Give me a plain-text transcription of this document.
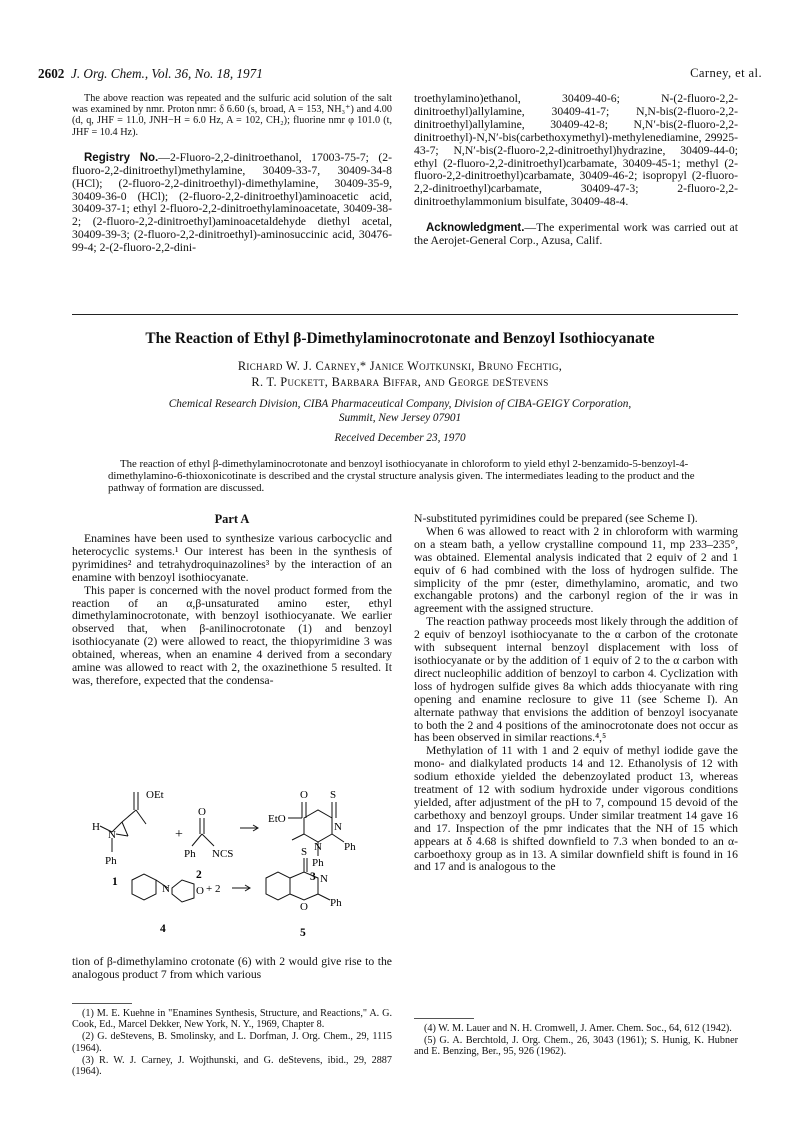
2602 J. Org. Chem., Vol. 36, No. 18, 1971	Carney, et al.

The above reaction was repeated and the sulfuric acid solution of the salt was examined by nmr. Proton nmr: δ 6.60 (s, broad, A = 153, NH₃⁺) and 4.00 (d, q, JHF = 11.0, JNH−H = 6.0 Hz, A = 102, CH₂); fluorine nmr φ 101.0 (t, JHF = 10.4 Hz).

Registry No.—2-Fluoro-2,2-dinitroethanol, 17003-75-7; (2-fluoro-2,2-dinitroethyl)methylamine, 30409-33-7, 30409-34-8 (HCl); (2-fluoro-2,2-dinitroethyl)-dimethylamine, 30409-35-9, 30409-36-0 (HCl); (2-fluoro-2,2-dinitroethyl)aminoacetic acid, 30409-37-1; ethyl 2-fluoro-2,2-dinitroethylaminoacetate, 30409-38-2; (2-fluoro-2,2-dinitroethyl)aminoacetaldehyde diethyl acetal, 30409-39-3; (2-fluoro-2,2-dinitroethyl)-aminosuccinic acid, 30476-99-4; 2-(2-fluoro-2,2-dini-

troethylamino)ethanol, 30409-40-6; N-(2-fluoro-2,2-dinitroethyl)allylamine, 30409-41-7; N,N-bis(2-fluoro-2,2-dinitroethyl)allylamine, 30409-42-8; N,N′-bis(2-fluoro-2,2-dinitroethyl)-N,N′-bis(carbethoxymethyl)-methylenediamine, 29925-43-7; N,N′-bis(2-fluoro-2,2-dinitroethyl)hydrazine, 30409-44-0; ethyl (2-fluoro-2,2-dinitroethyl)carbamate, 30409-45-1; methyl (2-fluoro-2,2-dinitroethyl)carbamate, 30409-46-2; isopropyl (2-fluoro-2,2-dinitroethyl)carbamate, 30409-47-3; 2-fluoro-2,2-dinitroethylammonium bisulfate, 30409-48-4.

Acknowledgment.—The experimental work was carried out at the Aerojet-General Corp., Azusa, Calif.

The Reaction of Ethyl β-Dimethylaminocrotonate and Benzoyl Isothiocyanate
Richard W. J. Carney,* Janice Wojtkunski, Bruno Fechtig,
R. T. Puckett, Barbara Biffar, and George deStevens
Chemical Research Division, CIBA Pharmaceutical Company, Division of CIBA-GEIGY Corporation,
Summit, New Jersey 07901
Received December 23, 1970
The reaction of ethyl β-dimethylaminocrotonate and benzoyl isothiocyanate in chloroform to yield ethyl 2-benzamido-5-benzoyl-4-dimethylamino-6-thioxonicotinate is described and the crystal structure analysis given. The intermediates leading to the product and the pathway of formation are discussed.
Part A

Enamines have been used to synthesize various carbocyclic and heterocyclic systems.¹ Our interest has been in the synthesis of pyrimidines² and tetrahydroquinazolines³ by the interaction of an enamine with benzoyl isothiocyanate.

This paper is concerned with the novel product formed from the reaction of an α,β-unsaturated amino ester, ethyl dimethylaminocrotonate, with benzoyl isothiocyanate. We earlier observed that, when β-anilinocrotonate (1) and benzoyl isothiocyanate (2) were allowed to react, the thiopyrimidine 3 was obtained, whereas, when an enamine 4 derived from a secondary amine was allowed to react with 2, the oxazinethione 5 resulted. It was, therefore, expected that the condensa-

OEt
H
N
Ph
1
+
O
Ph NCS
2
EtO
O S
N
N Ph
Ph
3
N O
4
+ 2
S
N
O Ph
5

tion of β-dimethylamino crotonate (6) with 2 would give rise to the analogous product 7 from which various

(1) M. E. Kuehne in "Enamines Synthesis, Structure, and Reactions," A. G. Cook, Ed., Marcel Dekker, New York, N. Y., 1969, Chapter 8.

(2) G. deStevens, B. Smolinsky, and L. Dorfman, J. Org. Chem., 29, 1115 (1964).

(3) R. W. J. Carney, J. Wojthunski, and G. deStevens, ibid., 29, 2887 (1964).

N-substituted pyrimidines could be prepared (see Scheme I).

When 6 was allowed to react with 2 in chloroform with warming on a steam bath, a yellow crystalline compound 11, mp 233–235°, was obtained. Elemental analysis indicated that 2 equiv of 2 and 1 equiv of 6 had combined with the loss of hydrogen sulfide. The simplicity of the pmr (ester, dimethylamino, aromatic, and two exchangable protons) and the carbonyl region of the ir was in agreement with the assigned structure.

The reaction pathway proceeds most likely through the addition of 2 equiv of benzoyl isothiocyanate to the α carbon of the crotonate with subsequent internal benzoyl displacement with loss of isothiocyanate or by the addition of 1 equiv of 2 to the α carbon with direct nucleophilic addition of benzoyl to carbon 4. Cyclization with loss of hydrogen sulfide gives 8a which adds thiocyanate with ring opening and enamine reclosure to give 11 (see Scheme I). An alternate pathway that envisions the addition of benzoyl isocyanate to both the 2 and 4 positions of the aminocrotonate does not occur as has been observed in similar reactions.⁴,⁵

Methylation of 11 with 1 and 2 equiv of methyl iodide gave the mono- and dialkylated products 14 and 12. Ethanolysis of 12 with sodium ethoxide yielded the debenzoylated product 13, whereas treatment of 12 with sodium hydroxide under vigorous conditions yielded, after adjustment of the pH to 7, compound 15 devoid of the carbethoxy and benzoyl groups. Under similar treatment 14 gave 16 and 17. Inspection of the pmr indicates that the NH of 15 which appears at δ 4.68 is shifted downfield to 7.3 when bonded to an α-carboethoxy group as in 13. A similar downfield shift is found in 16 and 17 and is analogous to the

(4) W. M. Lauer and N. H. Cromwell, J. Amer. Chem. Soc., 64, 612 (1942).

(5) G. A. Berchtold, J. Org. Chem., 26, 3043 (1961); S. Hunig, K. Hubner and E. Benzing, Ber., 95, 926 (1962).
